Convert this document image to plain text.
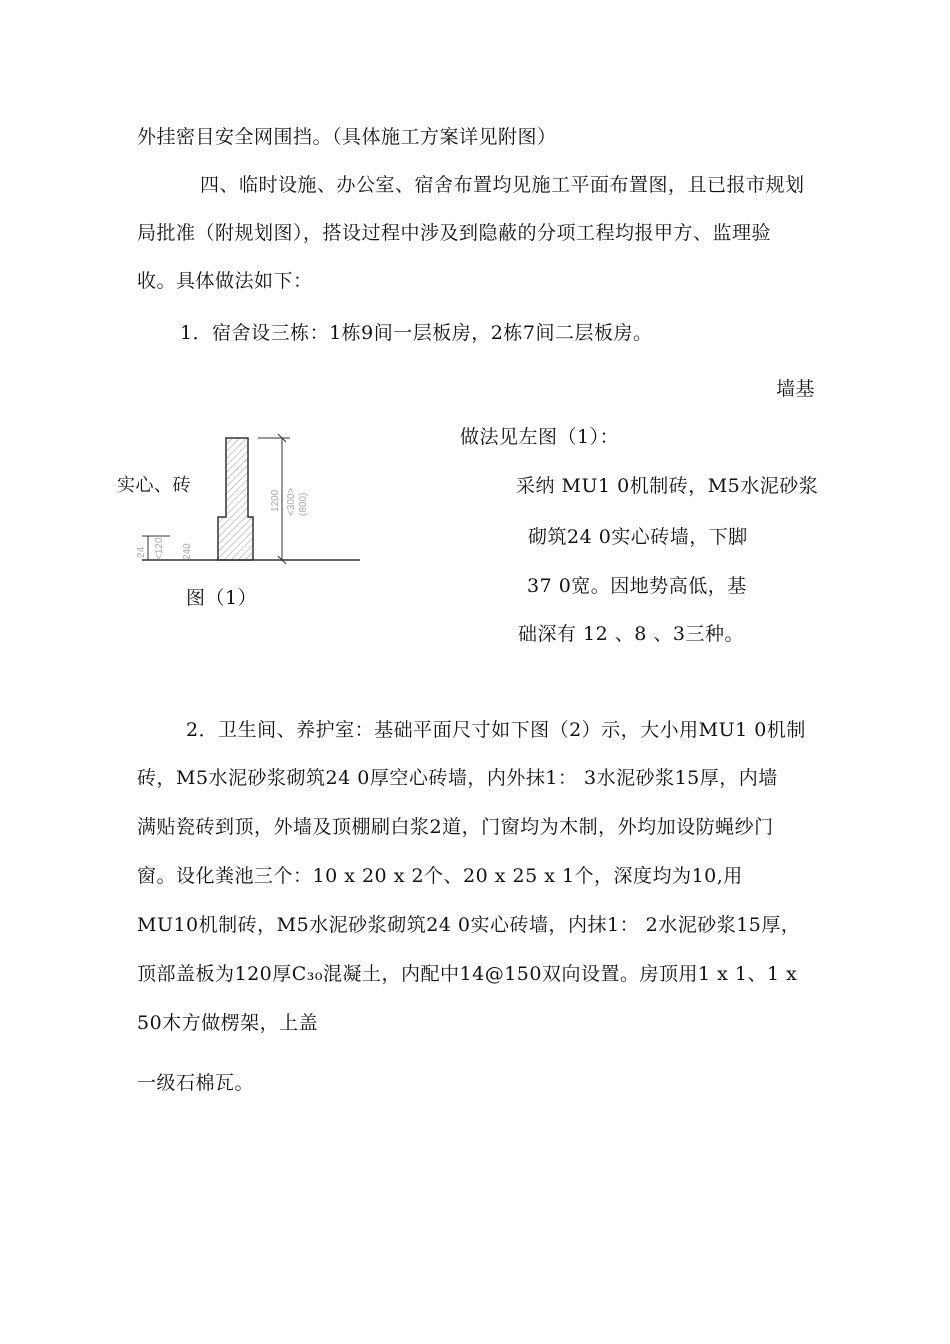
外挂密目安全网围挡。（具体施工方案详见附图）
四、临时设施、办公室、宿舍布置均见施工平面布置图，且已报市规划
局批准（附规划图），搭设过程中涉及到隐蔽的分项工程均报甲方、监理验
收。具体做法如下：
1．宿舍设三栋：1栋9间一层板房，2栋7间二层板房。
墙基
做法见左图（1）：
采纳 MU1 0机制砖，M5水泥砂浆
砌筑24 0实心砖墙，下脚
37 0宽。因地势高低，基
础深有 12 、8 、3三种。
1200 <300> (800)
<120 240
24
实心、砖
图（1）
2．卫生间、养护室：基础平面尺寸如下图（2）示，大小用MU1 0机制
砖，M5水泥砂浆砌筑24 0厚空心砖墙，内外抹1： 3水泥砂浆15厚，内墙
满贴瓷砖到顶，外墙及顶棚刷白浆2道，门窗均为木制，外均加设防蝇纱门
窗。设化粪池三个：10 x 20 x 2个、20 x 25 x 1个，深度均为10,用
MU10机制砖，M5水泥砂浆砌筑24 0实心砖墙，内抹1： 2水泥砂浆15厚，
顶部盖板为120厚C₃₀混凝土，内配中14@150双向设置。房顶用1 x 1、1 x
50木方做楞架，上盖
一级石棉瓦。
